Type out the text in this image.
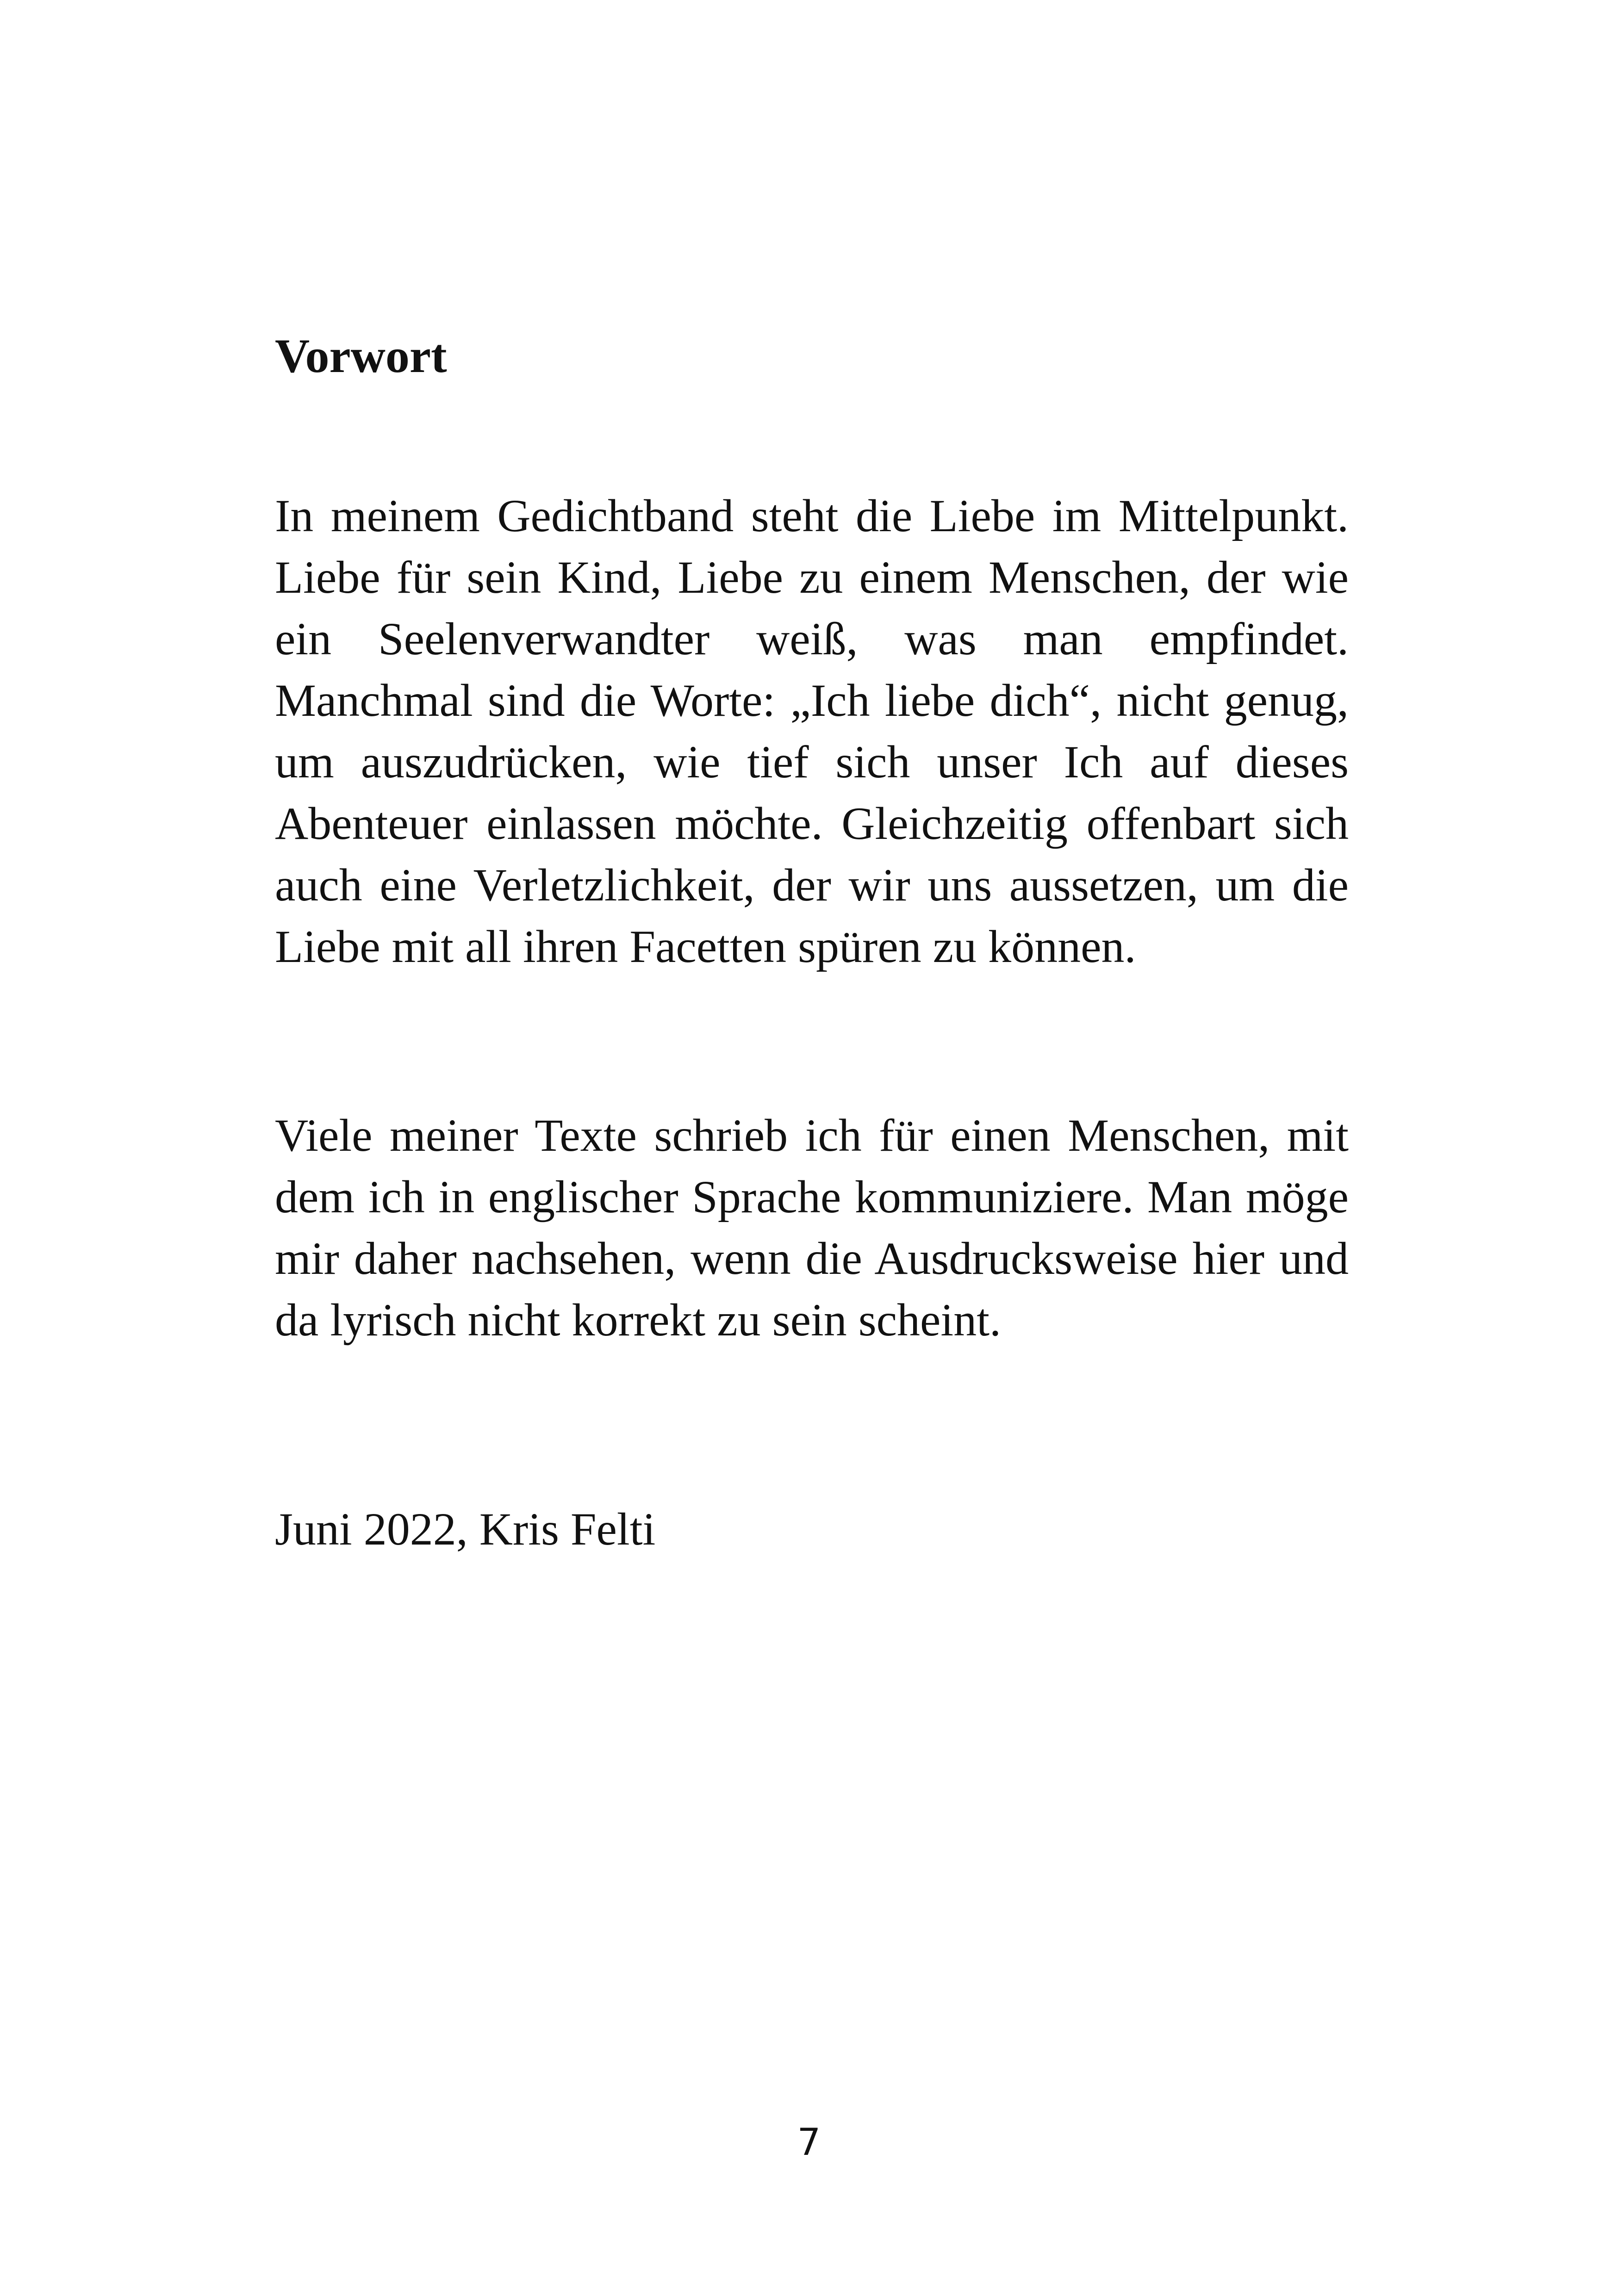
Vorwort

In meinem Gedichtband steht die Liebe im Mittelpunkt. Liebe für sein Kind, Liebe zu einem Menschen, der wie ein Seelenverwandter weiß, was man empfindet. Manchmal sind die Worte: „Ich liebe dich“, nicht genug, um auszudrücken, wie tief sich unser Ich auf dieses Abenteuer einlassen möchte. Gleichzeitig offenbart sich auch eine Verletzlichkeit, der wir uns aussetzen, um die Liebe mit all ihren Facetten spüren zu können.

Viele meiner Texte schrieb ich für einen Menschen, mit dem ich in englischer Sprache kommuniziere. Man möge mir daher nachsehen, wenn die Ausdrucksweise hier und da lyrisch nicht korrekt zu sein scheint.

Juni 2022, Kris Felti

7
